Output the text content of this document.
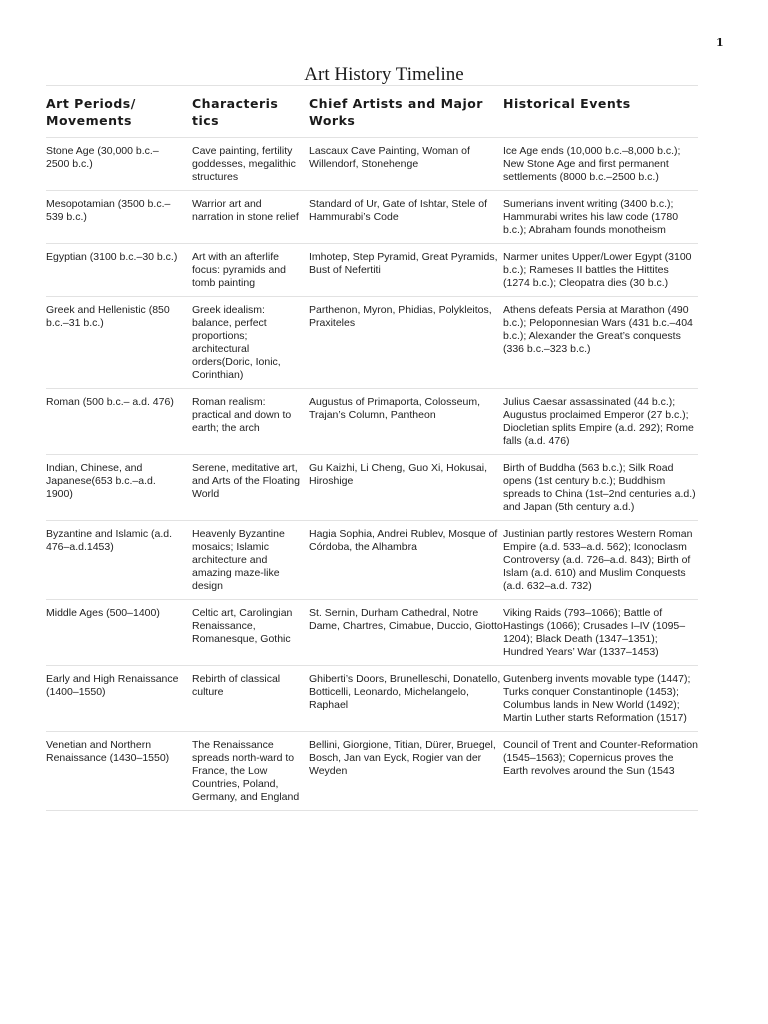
1
Art History Timeline
Art Periods/ Movements	Characteris tics	Chief Artists and Major Works	Historical Events
Stone Age (30,000 b.c.–2500 b.c.)	Cave painting, fertility goddesses, megalithic structures	Lascaux Cave Painting, Woman of Willendorf, Stonehenge	Ice Age ends (10,000 b.c.–8,000 b.c.); New Stone Age and first permanent settlements (8000 b.c.–2500 b.c.)
Mesopotamian (3500 b.c.–539 b.c.)	Warrior art and narration in stone relief	Standard of Ur, Gate of Ishtar, Stele of Hammurabi’s Code	Sumerians invent writing (3400 b.c.); Hammurabi writes his law code (1780 b.c.); Abraham founds monotheism
Egyptian (3100 b.c.–30 b.c.)	Art with an afterlife focus: pyramids and tomb painting	Imhotep, Step Pyramid, Great Pyramids, Bust of Nefertiti	Narmer unites Upper/Lower Egypt (3100 b.c.); Rameses II battles the Hittites (1274 b.c.); Cleopatra dies (30 b.c.)
Greek and Hellenistic (850 b.c.–31 b.c.)	Greek idealism: balance, perfect proportions; architectural orders(Doric, Ionic, Corinthian)	Parthenon, Myron, Phidias, Polykleitos, Praxiteles	Athens defeats Persia at Marathon (490 b.c.); Peloponnesian Wars (431 b.c.–404 b.c.); Alexander the Great’s conquests (336 b.c.–323 b.c.)
Roman (500 b.c.– a.d. 476)	Roman realism: practical and down to earth; the arch	Augustus of Primaporta, Colosseum, Trajan’s Column, Pantheon	Julius Caesar assassinated (44 b.c.); Augustus proclaimed Emperor (27 b.c.); Diocletian splits Empire (a.d. 292); Rome falls (a.d. 476)
Indian, Chinese, and Japanese(653 b.c.–a.d. 1900)	Serene, meditative art, and Arts of the Floating World	Gu Kaizhi, Li Cheng, Guo Xi, Hokusai, Hiroshige	Birth of Buddha (563 b.c.); Silk Road opens (1st century b.c.); Buddhism spreads to China (1st–2nd centuries a.d.) and Japan (5th century a.d.)
Byzantine and Islamic (a.d. 476–a.d.1453)	Heavenly Byzantine mosaics; Islamic architecture and amazing maze-like design	Hagia Sophia, Andrei Rublev, Mosque of Córdoba, the Alhambra	Justinian partly restores Western Roman Empire (a.d. 533–a.d. 562); Iconoclasm Controversy (a.d. 726–a.d. 843); Birth of Islam (a.d. 610) and Muslim Conquests (a.d. 632–a.d. 732)
Middle Ages (500–1400)	Celtic art, Carolingian Renaissance, Romanesque, Gothic	St. Sernin, Durham Cathedral, Notre Dame, Chartres, Cimabue, Duccio, Giotto	Viking Raids (793–1066); Battle of Hastings (1066); Crusades I–IV (1095–1204); Black Death (1347–1351); Hundred Years’ War (1337–1453)
Early and High Renaissance (1400–1550)	Rebirth of classical culture	Ghiberti’s Doors, Brunelleschi, Donatello, Botticelli, Leonardo, Michelangelo, Raphael	Gutenberg invents movable type (1447); Turks conquer Constantinople (1453); Columbus lands in New World (1492); Martin Luther starts Reformation (1517)
Venetian and Northern Renaissance (1430–1550)	The Renaissance spreads north-ward to France, the Low Countries, Poland, Germany, and England	Bellini, Giorgione, Titian, Dürer, Bruegel, Bosch, Jan van Eyck, Rogier van der Weyden	Council of Trent and Counter-Reformation (1545–1563); Copernicus proves the Earth revolves around the Sun (1543
